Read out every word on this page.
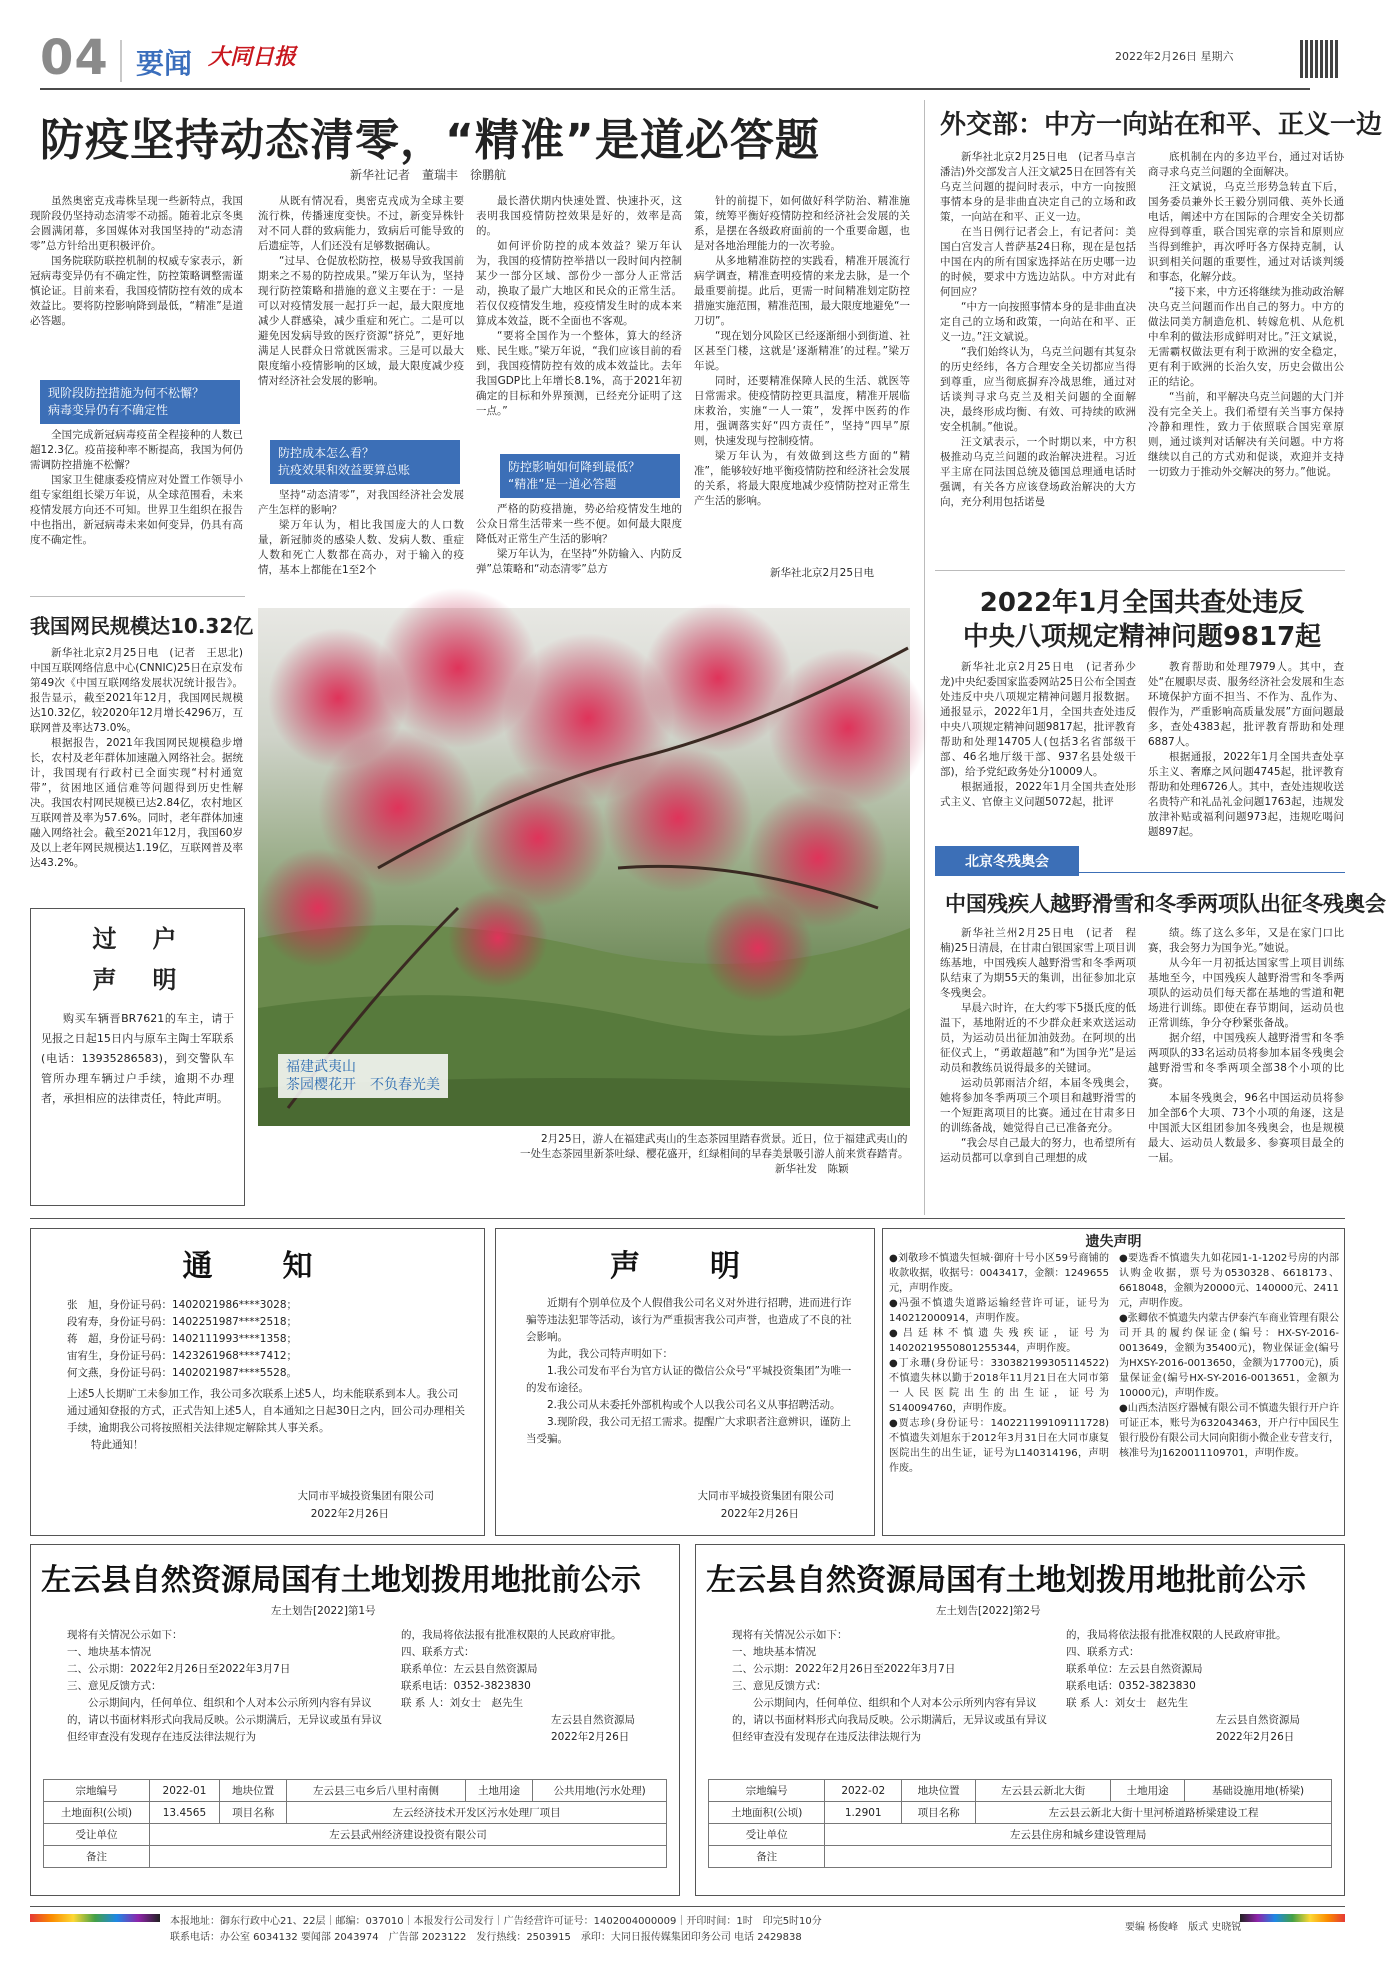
04 要闻 大同日报	2022年2月26日 星期六
防疫坚持动态清零，“精准”是道必答题
新华社记者　董瑞丰　徐鹏航

虽然奥密克戎毒株呈现一些新特点，我国现阶段仍坚持动态清零不动摇。随着北京冬奥会圆满闭幕，多国媒体对我国坚持的“动态清零”总方针给出更积极评价。

国务院联防联控机制的权威专家表示，新冠病毒变异仍有不确定性，防控策略调整需谨慎论证。目前来看，我国疫情防控有效的成本效益比。要将防控影响降到最低，“精准”是道必答题。

现阶段防控措施为何不松懈？
病毒变异仍有不确定性

全国完成新冠病毒疫苗全程接种的人数已超12.3亿。疫苗接种率不断提高，我国为何仍需调防控措施不松懈？

国家卫生健康委疫情应对处置工作领导小组专家组组长梁万年说，从全球范围看，未来疫情发展方向还不可知。世界卫生组织在报告中也指出，新冠病毒未来如何变异，仍具有高度不确定性。

从既有情况看，奥密克戎成为全球主要流行株，传播速度变快。不过，新变异株针对不同人群的致病能力，致病后可能导致的后遗症等，人们还没有足够数据确认。

“过早、仓促放松防控，极易导致我国前期来之不易的防控成果。”梁万年认为，坚持现行防控策略和措施的意义主要在于：一是可以对疫情发展一起打乒一起，最大限度地减少人群感染，减少重症和死亡。二是可以避免因发病导致的医疗资源“挤兑”，更好地满足人民群众日常就医需求。三是可以最大限度缩小疫情影响的区域，最大限度减少疫情对经济社会发展的影响。

防控成本怎么看？
抗疫效果和效益要算总账

坚持“动态清零”，对我国经济社会发展产生怎样的影响？

梁万年认为，相比我国庞大的人口数量，新冠肺炎的感染人数、发病人数、重症人数和死亡人数都在高办，对于输入的疫情，基本上都能在1至2个

最长潜伏期内快速处置、快速扑灭，这表明我国疫情防控效果是好的，效率是高的。

如何评价防控的成本效益？梁万年认为，我国的疫情防控举措以一段时间内控制某少一部分区域、部份少一部分人正常活动，换取了最广大地区和民众的正常生活。若仅仅疫情发生地，疫疫情发生时的成本来算成本效益，既不全面也不客观。

“要将全国作为一个整体，算大的经济账、民生账。”梁万年说，“我们应该目前的看到，我国疫情防控有效的成本效益比。去年我国GDP比上年增长8.1%，高于2021年初确定的目标和外界预测，已经充分证明了这一点。”

防控影响如何降到最低？
“精准”是一道必答题

严格的防疫措施，势必给疫情发生地的公众日常生活带来一些不便。如何最大限度降低对正常生产生活的影响？

梁万年认为，在坚持“外防输入、内防反弹”总策略和“动态清零”总方

针的前提下，如何做好科学防治、精准施策，统筹平衡好疫情防控和经济社会发展的关系，是摆在各级政府面前的一个重要命题，也是对各地治理能力的一次考验。

从多地精准防控的实践看，精准开展流行病学调查，精准查明疫情的来龙去脉，是一个最重要前提。此后，更需一时间精准划定防控措施实施范围，精准范围，最大限度地避免“一刀切”。

“现在划分风险区已经逐渐细小到街道、社区甚至门楼，这就是‘逐渐精准’的过程。”梁万年说。

同时，还要精准保障人民的生活、就医等日常需求。使疫情防控更具温度，精准开展临床救治，实施“一人一策”，发挥中医药的作用，强调落实好“四方责任”，坚持“四早”原则，快速发现与控制疫情。

梁万年认为，有效做到这些方面的“精准”，能够较好地平衡疫情防控和经济社会发展的关系，将最大限度地减少疫情防控对正常生产生活的影响。

新华社北京2月25日电
外交部：中方一向站在和平、正义一边

新华社北京2月25日电　(记者马卓言　潘洁)外交部发言人汪文斌25日在回答有关乌克兰问题的提问时表示，中方一向按照事情本身的是非曲直决定自己的立场和政策，一向站在和平、正义一边。

在当日例行记者会上，有记者问：美国白宫发言人普萨基24日称，现在是包括中国在内的所有国家选择站在历史哪一边的时候，要求中方选边站队。中方对此有何回应？

“中方一向按照事情本身的是非曲直决定自己的立场和政策，一向站在和平、正义一边。”汪文斌说。

“我们始终认为，乌克兰问题有其复杂的历史经纬，各方合理安全关切都应当得到尊重，应当彻底摒弃冷战思维，通过对话谈判寻求乌克兰及相关问题的全面解决，最终形成均衡、有效、可持续的欧洲安全机制。”他说。

汪文斌表示，一个时期以来，中方积极推动乌克兰问题的政治解决进程。习近平主席在同法国总统及德国总理通电话时强调，有关各方应该登场政治解决的大方向，充分利用包括诺曼

底机制在内的多边平台，通过对话协商寻求乌克兰问题的全面解决。

汪文斌说，乌克兰形势急转直下后，国务委员兼外长王毅分别同俄、英外长通电话，阐述中方在国际的合理安全关切都应得到尊重，联合国宪章的宗旨和原则应当得到维护，再次呼吁各方保持克制，认识到相关问题的重要性，通过对话谈判缓和事态，化解分歧。

“接下来，中方还将继续为推动政治解决乌克兰问题而作出自己的努力。中方的做法同美方制造危机、转嫁危机、从危机中牟利的做法形成鲜明对比。”汪文斌说，无需霸权做法更有利于欧洲的安全稳定，更有利于欧洲的长治久安，历史会做出公正的结论。

“当前，和平解决乌克兰问题的大门并没有完全关上。我们希望有关当事方保持冷静和理性，致力于依照联合国宪章原则，通过谈判对话解决有关问题。中方将继续以自己的方式劝和促谈，欢迎并支持一切致力于推动外交解决的努力。”他说。

2022年1月全国共查处违反
中央八项规定精神问题9817起

新华社北京2月25日电　(记者孙少龙)中央纪委国家监委网站25日公布全国查处违反中央八项规定精神问题月报数据。通报显示，2022年1月，全国共查处违反中央八项规定精神问题9817起，批评教育帮助和处理14705人(包括3名省部级干部、46名地厅级干部、937名县处级干部)，给予党纪政务处分10009人。

根据通报，2022年1月全国共查处形式主义、官僚主义问题5072起，批评

教育帮助和处理7979人。其中，查处“在履职尽责、服务经济社会发展和生态环境保护方面不担当、不作为、乱作为、假作为，严重影响高质量发展”方面问题最多，查处4383起，批评教育帮助和处理6887人。

根据通报，2022年1月全国共查处享乐主义、奢靡之风问题4745起，批评教育帮助和处理6726人。其中，查处违规收送名贵特产和礼品礼金问题1763起，违规发放津补贴或福利问题973起，违规吃喝问题897起。

北京冬残奥会
中国残疾人越野滑雪和冬季两项队出征冬残奥会

新华社兰州2月25日电　(记者　程楠)25日清晨，在甘肃白银国家雪上项目训练基地，中国残疾人越野滑雪和冬季两项队结束了为期55天的集训，出征参加北京冬残奥会。

早晨六时许，在大约零下5摄氏度的低温下，基地附近的不少群众赶来欢送运动员，为运动员出征加油鼓劲。在阿坝的出征仪式上，“勇敢超越”和“为国争光”是运动员和教练员说得最多的关键词。

运动员郭雨洁介绍，本届冬残奥会，她将参加冬季两项三个项目和越野滑雪的一个短距离项目的比赛。通过在甘肃多日的训练备战，她觉得自己已准备充分。

“我会尽自己最大的努力，也希望所有运动员都可以拿到自己理想的成

绩。练了这么多年，又是在家门口比赛，我会努力为国争光。”她说。

从今年一月初抵达国家雪上项目训练基地至今，中国残疾人越野滑雪和冬季两项队的运动员们每天都在基地的雪道和靶场进行训练。即使在春节期间，运动员也正常训练，争分夺秒紧张备战。

据介绍，中国残疾人越野滑雪和冬季两项队的33名运动员将参加本届冬残奥会越野滑雪和冬季两项全部38个小项的比赛。

本届冬残奥会，96名中国运动员将参加全部6个大项、73个小项的角逐，这是中国派大区组团参加冬残奥会，也是规模最大、运动员人数最多、参赛项目最全的一届。

我国网民规模达10.32亿

新华社北京2月25日电　(记者　王思北)中国互联网络信息中心(CNNIC)25日在京发布第49次《中国互联网络发展状况统计报告》。报告显示，截至2021年12月，我国网民规模达10.32亿，较2020年12月增长4296万，互联网普及率达73.0%。

根据报告，2021年我国网民规模稳步增长，农村及老年群体加速融入网络社会。据统计，我国现有行政村已全面实现“村村通宽带”，贫困地区通信难等问题得到历史性解决。我国农村网民规模已达2.84亿，农村地区互联网普及率为57.6%。同时，老年群体加速融入网络社会。截至2021年12月，我国60岁及以上老年网民规模达1.19亿，互联网普及率达43.2%。

过　户
声　明

购买车辆晋BR7621的车主，请于见报之日起15日内与原车主陶士军联系(电话：13935286583)，到交警队车管所办理车辆过户手续，逾期不办理者，承担相应的法律责任，特此声明。

福建武夷山
茶园樱花开　不负春光美
2月25日，游人在福建武夷山的生态茶园里踏春赏景。近日，位于福建武夷山的一处生态茶园里新茶吐绿、樱花盛开，红绿相间的早春美景吸引游人前来赏春踏青。
新华社发　陈颖
通　知
张　旭，身份证号码：1402021986****3028；
段宥寿，身份证号码：1402251987****2518；
蒋　超，身份证号码：1402111993****1358；
宙宥生，身份证号码：1423261968****7412；
何文燕，身份证号码：1402021987****5528。

上述5人长期旷工未参加工作，我公司多次联系上述5人，均未能联系到本人。我公司通过通知登报的方式，正式告知上述5人，自本通知之日起30日之内，回公司办理相关手续，逾期我公司将按照相关法律规定解除其人事关系。

特此通知！

大同市平城投资集团有限公司
2022年2月26日
声　明

近期有个别单位及个人假借我公司名义对外进行招聘，进而进行诈骗等违法犯罪等活动，该行为严重损害我公司声誉，也造成了不良的社会影响。

为此，我公司特声明如下：

1.我公司发布平台为官方认证的微信公众号“平城投资集团”为唯一的发布途径。

2.我公司从未委托外部机构或个人以我公司名义从事招聘活动。

3.现阶段，我公司无招工需求。提醒广大求职者注意辨识，谨防上当受骗。

大同市平城投资集团有限公司
2022年2月26日
遗失声明

●刘敬珍不慎遗失恒城·御府十号小区59号商铺的收款收据，收据号：0043417，金额：1249655元，声明作废。

●冯强不慎遗失道路运输经营许可证，证号为140212000914，声明作废。

●吕廷林不慎遗失残疾证，证号为14020219550801255344，声明作废。

●丁永珊(身份证号：330382199305114522)不慎遗失林以勤于2018年11月21日在大同市第一人民医院出生的出生证，证号为S140094760，声明作废。

●贾志珍(身份证号：140221199109111728)不慎遗失刘旭东于2012年3月31日在大同市康复医院出生的出生证，证号为L140314196，声明作废。

●要选香不慎遗失九如花园1-1-1202号房的内部认购金收据，票号为0530328、6618173、6618048，金额为20000元、140000元、2411元，声明作废。

●张卿依不慎遗失内蒙古伊泰汽车商业管理有限公司开具的履约保证金(编号：HX-SY-2016-0013649，金额为35400元)，物业保证金(编号为HXSY-2016-0013650，金额为17700元)，质量保证金(编号HX-SY-2016-0013651，金额为10000元)，声明作废。

●山西杰洁医疗器械有限公司不慎遗失银行开户许可证正本，账号为632043463，开户行中国民生银行股份有限公司大同向阳街小微企业专营支行，核准号为J1620011109701，声明作废。

左云县自然资源局国有土地划拨用地批前公示
左土划告[2022]第1号
现将有关情况公示如下：
一、地块基本情况
二、公示期：2022年2月26日至2022年3月7日
三、意见反馈方式：
公示期间内，任何单位、组织和个人对本公示所列内容有异议的，请以书面材料形式向我局反映。公示期满后，无异议或虽有异议但经审查没有发现存在违反法律法规行为
的，我局将依法报有批准权限的人民政府审批。
四、联系方式：
联系单位：左云县自然资源局
联系电话：0352-3823830
联 系 人：刘女士　赵先生
左云县自然资源局
2022年2月26日
宗地编号	2022-01	地块位置	左云县三屯乡后八里村南侧	土地用途	公共用地(污水处理)
土地面积(公顷)	13.4565	项目名称	左云经济技术开发区污水处理厂项目		
受让单位	左云县武州经济建设投资有限公司				
备注					
左云县自然资源局国有土地划拨用地批前公示
左土划告[2022]第2号
现将有关情况公示如下：
一、地块基本情况
二、公示期：2022年2月26日至2022年3月7日
三、意见反馈方式：
公示期间内，任何单位、组织和个人对本公示所列内容有异议的，请以书面材料形式向我局反映。公示期满后，无异议或虽有异议但经审查没有发现存在违反法律法规行为
的，我局将依法报有批准权限的人民政府审批。
四、联系方式：
联系单位：左云县自然资源局
联系电话：0352-3823830
联 系 人：刘女士　赵先生
左云县自然资源局
2022年2月26日
宗地编号	2022-02	地块位置	左云县云新北大街	土地用途	基础设施用地(桥梁)
土地面积(公顷)	1.2901	项目名称	左云县云新北大街十里河桥道路桥梁建设工程		
受让单位	左云县住房和城乡建设管理局				
备注					
本报地址：御东行政中心21、22层｜邮编：037010｜本报发行公司发行｜广告经营许可证号：1402004000009｜开印时间：1时　印完5时10分
联系电话：办公室 6034132 要闻部 2043974　广告部 2023122　发行热线：2503915　承印：大同日报传媒集团印务公司 电话 2429838
要编 杨俊峰　版式 史晓锐
